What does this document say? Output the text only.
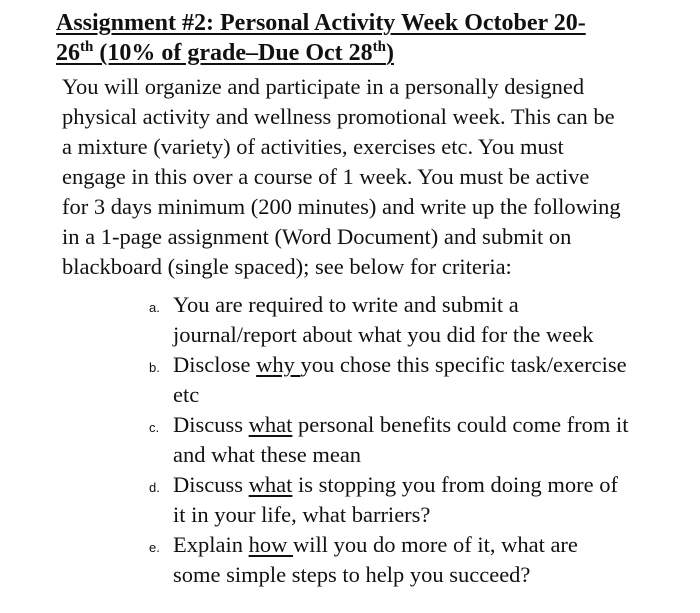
Assignment #2: Personal Activity Week October 20-
26th (10% of grade–Due Oct 28th)
You will organize and participate in a personally designed
physical activity and wellness promotional week. This can be
a mixture (variety) of activities, exercises etc. You must
engage in this over a course of 1 week. You must be active
for 3 days minimum (200 minutes) and write up the following
in a 1-page assignment (Word Document) and submit on
blackboard (single spaced); see below for criteria:
a. You are required to write and submit a
journal/report about what you did for the week
b. Disclose why you chose this specific task/exercise
etc
c. Discuss what personal benefits could come from it
and what these mean
d. Discuss what is stopping you from doing more of
it in your life, what barriers?
e. Explain how will you do more of it, what are
some simple steps to help you succeed?
